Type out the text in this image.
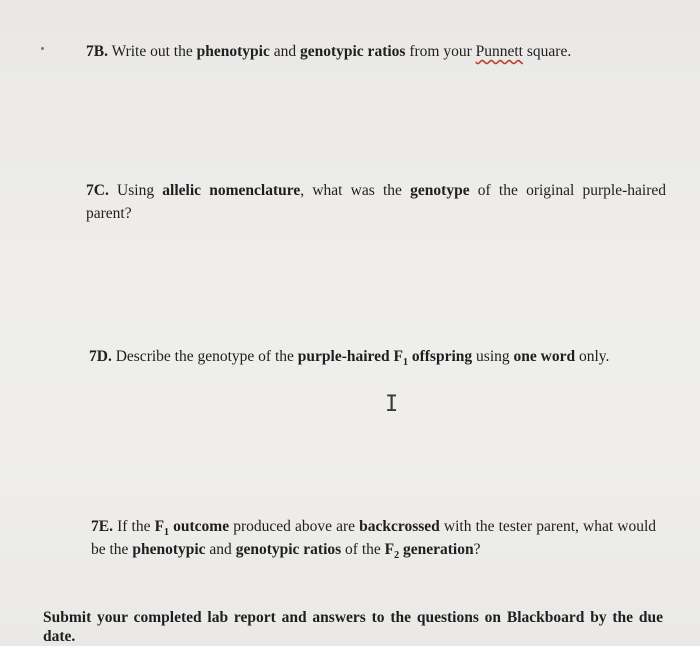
7B. Write out the phenotypic and genotypic ratios from your Punnett square.

7C. Using allelic nomenclature, what was the genotype of the original purple-haired parent?

7D. Describe the genotype of the purple-haired $F_1$ offspring using one word only.

I

7E. If the $F_1$ outcome produced above are backcrossed with the tester parent, what would be the phenotypic and genotypic ratios of the $F_2$ generation?

Submit your completed lab report and answers to the questions on Blackboard by the due date.
